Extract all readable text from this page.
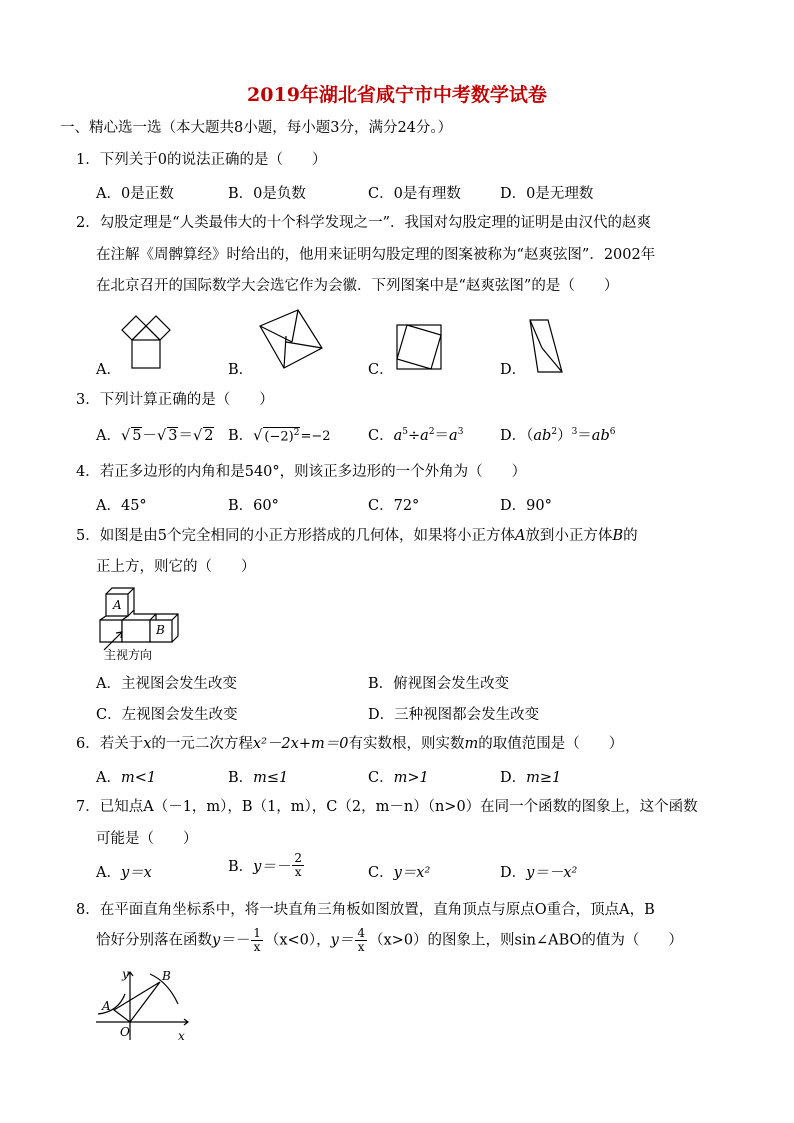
2019年湖北省咸宁市中考数学试卷
一、精心选一选（本大题共8小题，每小题3分，满分24分。）
1．下列关于0的说法正确的是（　　）
A．0是正数	B．0是负数	C．0是有理数	D．0是无理数
2．勾股定理是“人类最伟大的十个科学发现之一”．我国对勾股定理的证明是由汉代的赵爽
在注解《周髀算经》时给出的，他用来证明勾股定理的图案被称为“赵爽弦图”．2002年
在北京召开的国际数学大会选它作为会徽．下列图案中是“赵爽弦图”的是（　　）
A．	B．	C．	D．
3．下列计算正确的是（　　）
A．√ 5－√ 3＝√ 2 B．√ $(-2)^2=-2$	C．$a^5\div a^2=a^3$	D．$(ab^2)^3=ab^6$
4．若正多边形的内角和是540°，则该正多边形的一个外角为（　　）
A．45°	B．60°	C．72°	D．90°
5．如图是由5个完全相同的小正方形搭成的几何体，如果将小正方体A放到小正方体B的
正上方，则它的（　　）
A
B
主视方向
A．主视图会发生改变	B．俯视图会发生改变
C．左视图会发生改变	D．三种视图都会发生改变
6．若关于x的一元二次方程x²－2x+m＝0有实数根，则实数m的取值范围是（　　）
A．m<1	B．m≤1	C．m>1	D．m≥1
7．已知点A（－1，m），B（1，m），C（2，m－n）（n>0）在同一个函数的图象上，这个函数
可能是（　　）
A．y＝x	B．$y=- \frac{2}{x}$	C．y＝x²	D．y＝－x²
8．在平面直角坐标系中，将一块直角三角板如图放置，直角顶点与原点O重合，顶点A，B
恰好分别落在函数$y=- \frac{1}{x} (x<0)$，$y= \frac{4}{x} (x>0)$的图象上，则sin∠ABO的值为（　　）
y	B
A
O	x
